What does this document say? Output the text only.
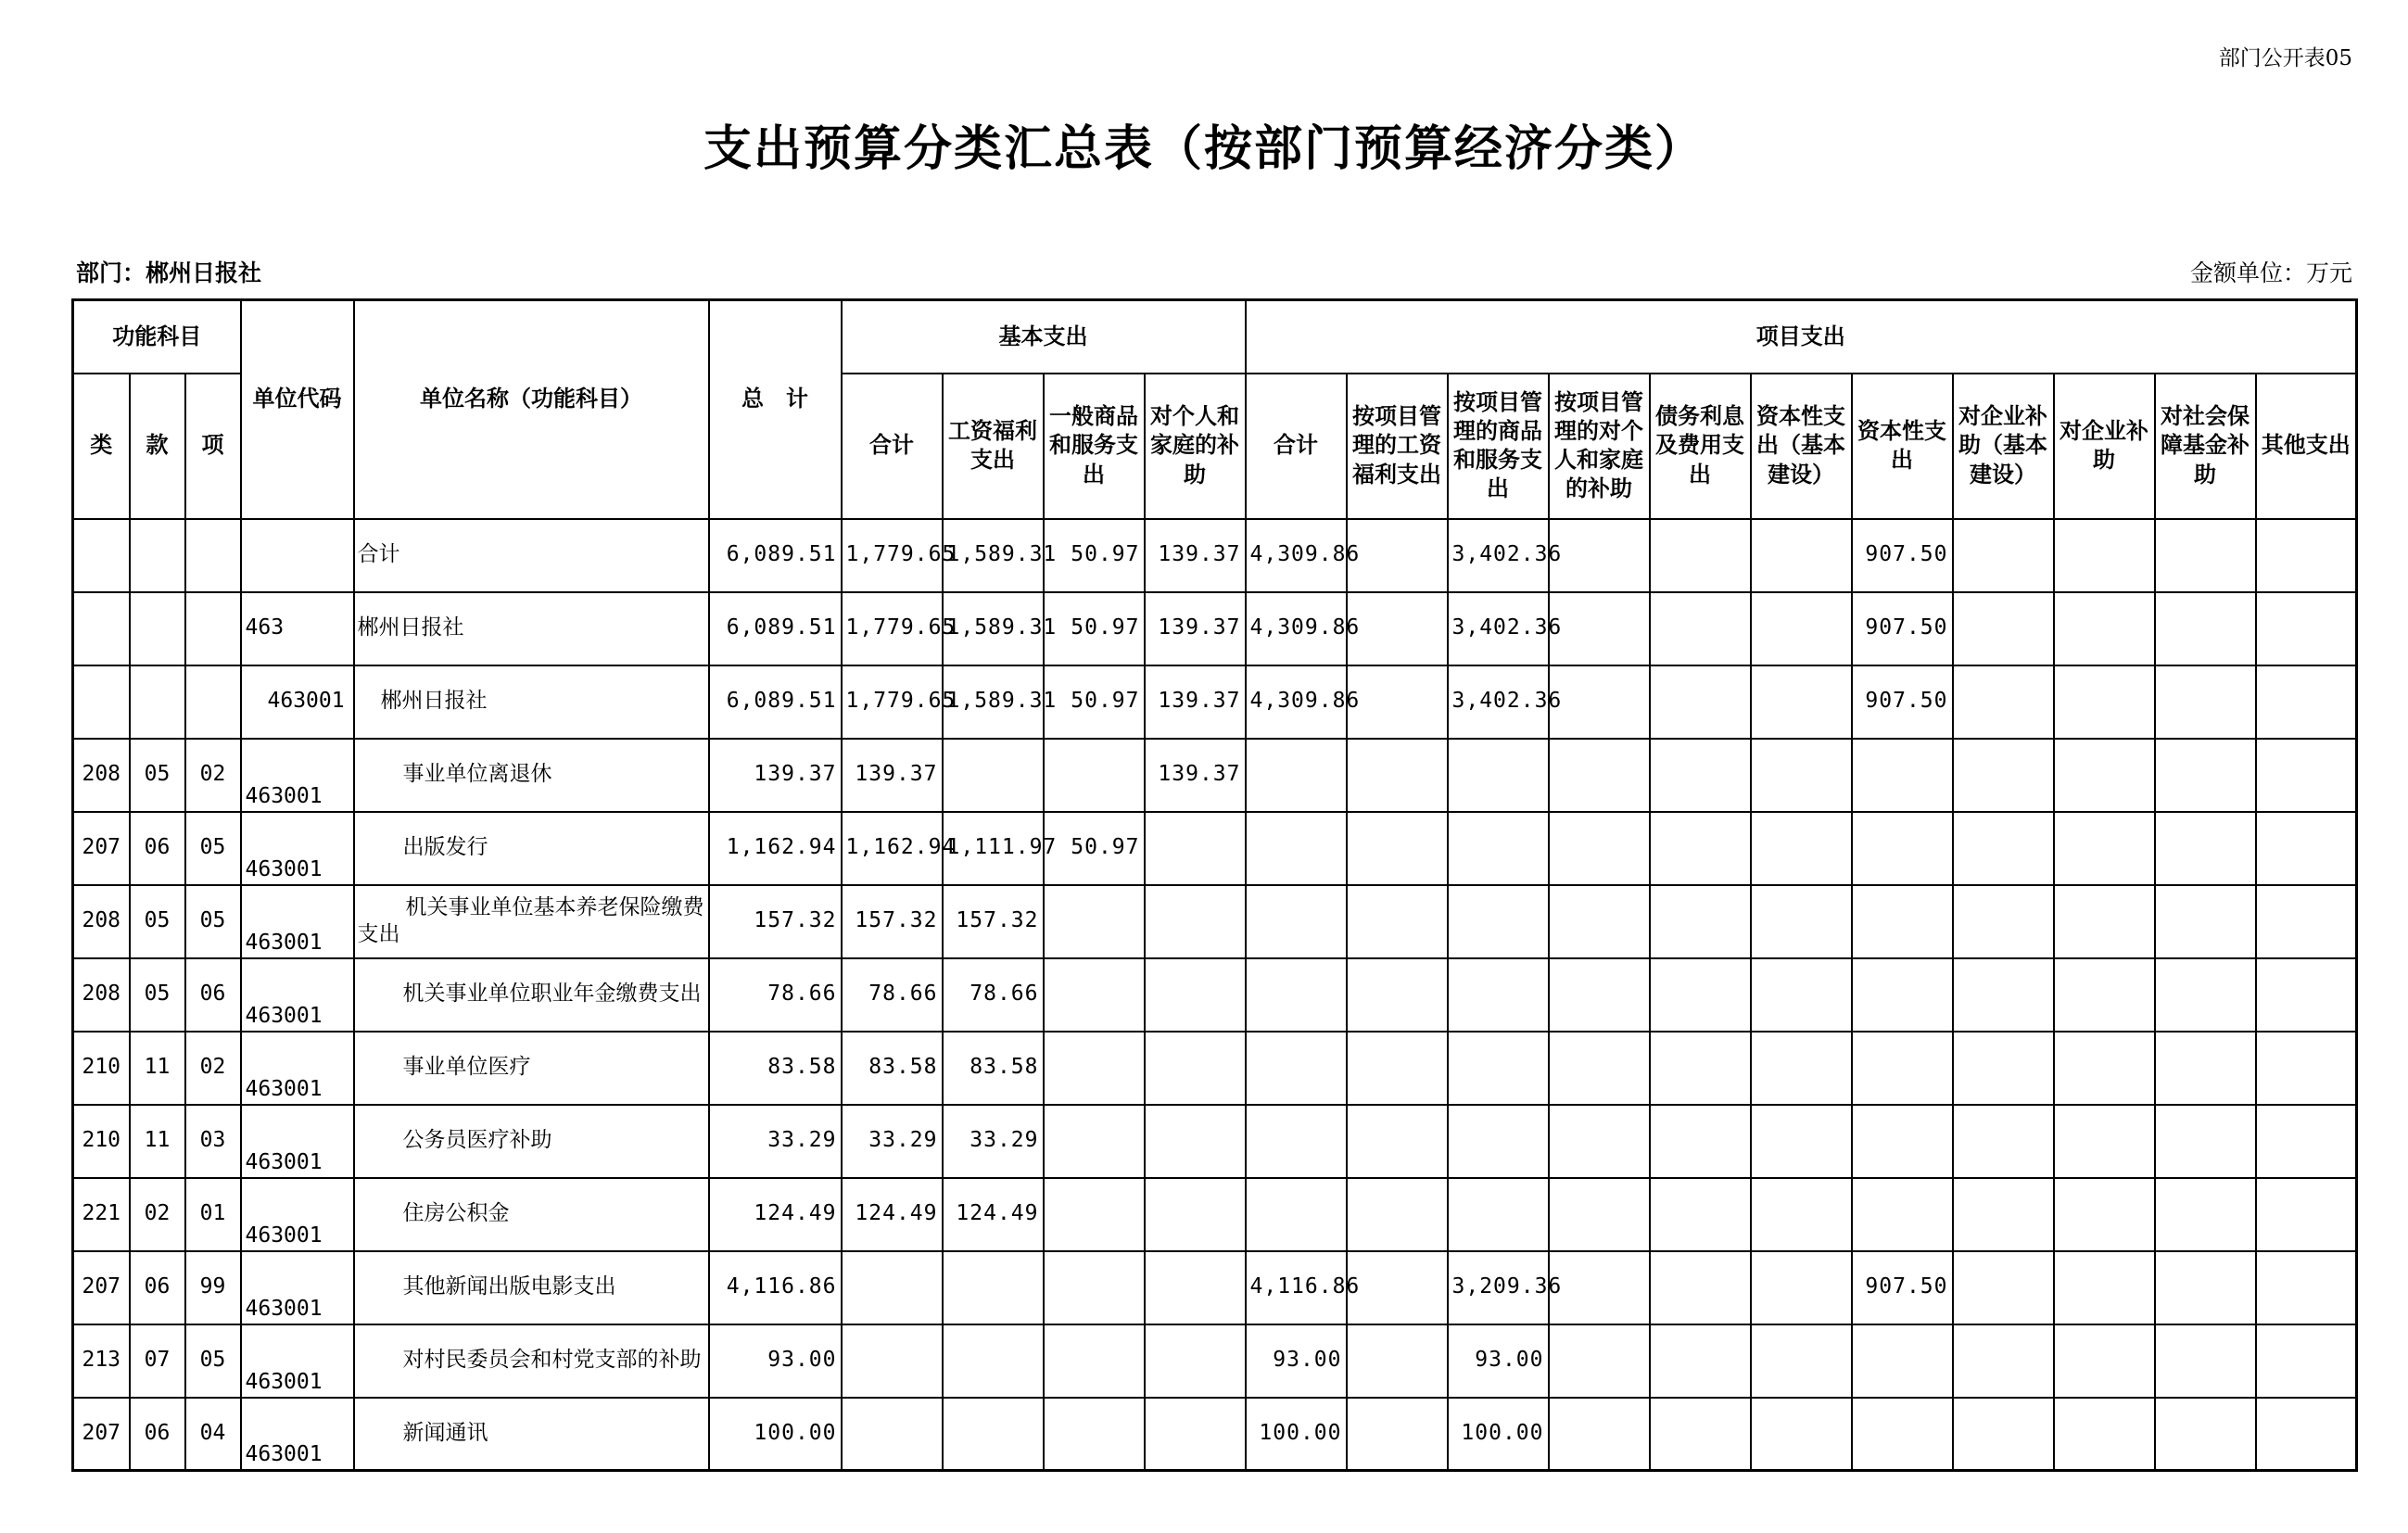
部门公开表05
支出预算分类汇总表（按部门预算经济分类）
部门：郴州日报社	金额单位：万元
功能科目			单位代码	单位名称（功能科目）	总　计	基本支出				项目支出										
类	款	项				合计	工资福利支出	一般商品和服务支出	对个人和家庭的补助	合计	按项目管理的工资福利支出	按项目管理的商品和服务支出	按项目管理的对个人和家庭的补助	债务利息及费用支出	资本性支出（基本建设）	资本性支出	对企业补助（基本建设）	对企业补助	对社会保障基金补助	其他支出
				合计	6,089.51	1,779.65	1,589.31	50.97	139.37	4,309.86		3,402.36				907.50				
			463	郴州日报社	6,089.51	1,779.65	1,589.31	50.97	139.37	4,309.86		3,402.36				907.50				
			463001	郴州日报社	6,089.51	1,779.65	1,589.31	50.97	139.37	4,309.86		3,402.36				907.50				
208	05	02	463001	事业单位离退休	139.37	139.37			139.37											
207	06	05	463001	出版发行	1,162.94	1,162.94	1,111.97	50.97												
208	05	05	463001	机关事业单位基本养老保险缴费支出	157.32	157.32	157.32													
208	05	06	463001	机关事业单位职业年金缴费支出	78.66	78.66	78.66													
210	11	02	463001	事业单位医疗	83.58	83.58	83.58													
210	11	03	463001	公务员医疗补助	33.29	33.29	33.29													
221	02	01	463001	住房公积金	124.49	124.49	124.49													
207	06	99	463001	其他新闻出版电影支出	4,116.86					4,116.86		3,209.36				907.50				
213	07	05	463001	对村民委员会和村党支部的补助	93.00					93.00		93.00								
207	06	04	463001	新闻通讯	100.00					100.00		100.00								
